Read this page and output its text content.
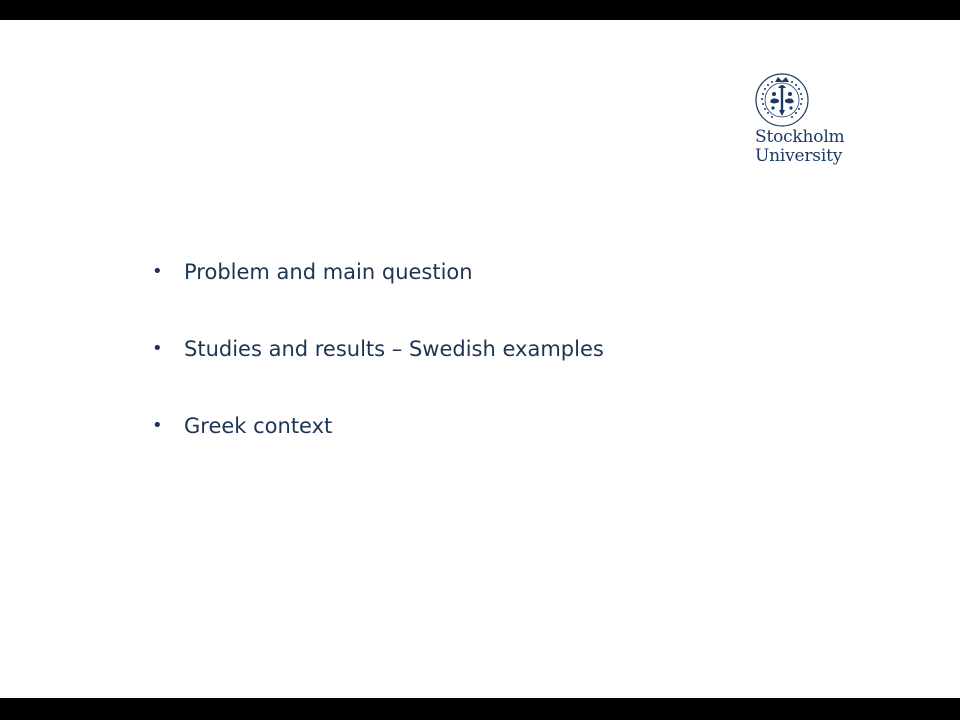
Stockholm
University
• Problem and main question
• Studies and results – Swedish examples
• Greek context
